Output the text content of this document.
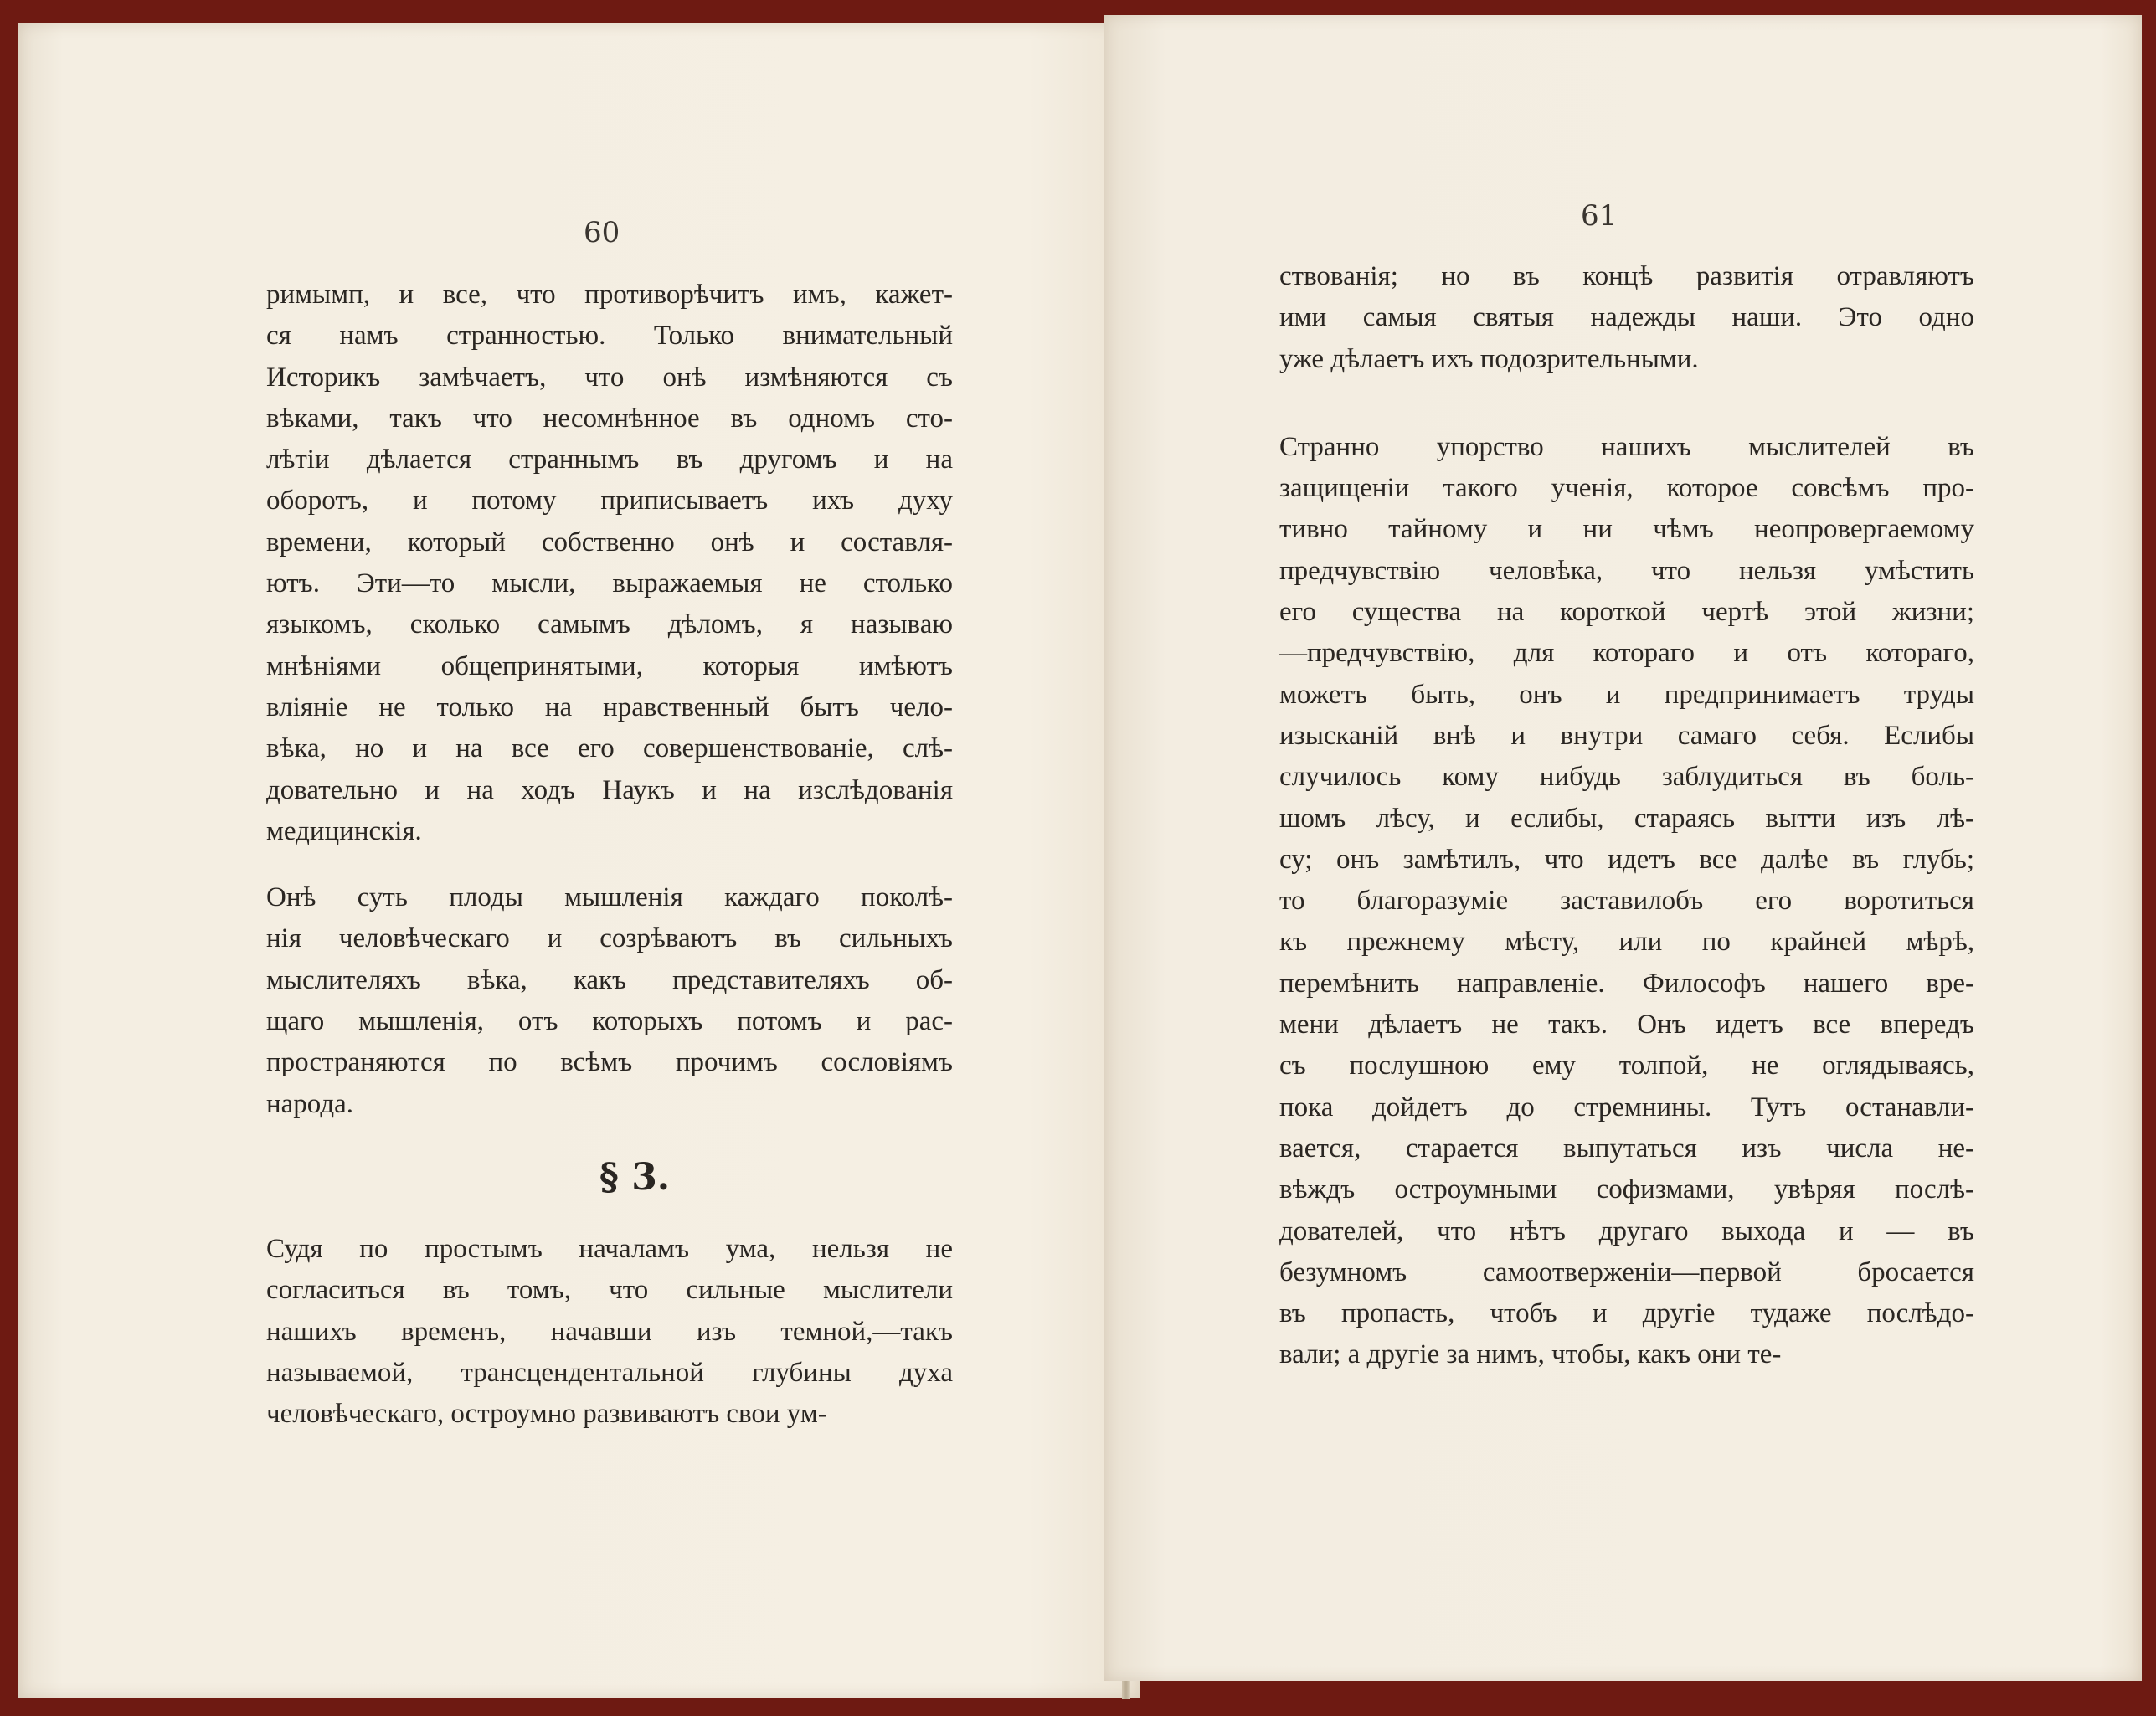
60
римымп, и все, что противорѣчитъ имъ, кажет-
ся намъ странностью. Только внимательный
Историкъ замѣчаетъ, что онѣ измѣняются съ
вѣками, такъ что несомнѣнное въ одномъ сто-
лѣтіи дѣлается страннымъ въ другомъ и на
оборотъ, и потому приписываетъ ихъ духу
времени, который собственно онѣ и составля-
ютъ. Эти—то мысли, выражаемыя не столько
языкомъ, сколько самымъ дѣломъ, я называю
мнѣніями общепринятыми, которыя имѣютъ
вліяніе не только на нравственный бытъ чело-
вѣка, но и на все его совершенствованіе, слѣ-
довательно и на ходъ Наукъ и на изслѣдованія
медицинскія.
Онѣ суть плоды мышленія каждаго поколѣ-
нія человѣческаго и созрѣваютъ въ сильныхъ
мыслителяхъ вѣка, какъ представителяхъ об-
щаго мышленія, отъ которыхъ потомъ и рас-
пространяются по всѣмъ прочимъ сословіямъ
народа.
§ 3.
Судя по простымъ началамъ ума, нельзя не
согласиться въ томъ, что сильные мыслители
нашихъ временъ, начавши изъ темной,—такъ
называемой, трансцендентальной глубины духа
человѣческаго, остроумно развиваютъ свои ум-
61
ствованія; но въ концѣ развитія отравляютъ
ими самыя святыя надежды наши. Это одно
уже дѣлаетъ ихъ подозрительными.
Странно упорство нашихъ мыслителей въ
защищеніи такого ученія, которое совсѣмъ про-
тивно тайному и ни чѣмъ неопровергаемому
предчувствію человѣка, что нельзя умѣстить
его существа на короткой чертѣ этой жизни;
—предчувствію, для котораго и отъ котораго,
можетъ быть, онъ и предпринимаетъ труды
изысканій внѣ и внутри самаго себя. Еслибы
случилось кому нибудь заблудиться въ боль-
шомъ лѣсу, и еслибы, стараясь вытти изъ лѣ-
су; онъ замѣтилъ, что идетъ все далѣе въ глубь;
то благоразуміе заставилобъ его воротиться
къ прежнему мѣсту, или по крайней мѣрѣ,
перемѣнить направленіе. Философъ нашего вре-
мени дѣлаетъ не такъ. Онъ идетъ все впередъ
съ послушною ему толпой, не оглядываясь,
пока дойдетъ до стремнины. Тутъ останавли-
вается, старается выпутаться изъ числа не-
вѣждъ остроумными софизмами, увѣряя послѣ-
дователей, что нѣтъ другаго выхода и — въ
безумномъ самоотверженіи—первой бросается
въ пропасть, чтобъ и другіе тудаже послѣдо-
вали; а другіе за нимъ, чтобы, какъ они те-
